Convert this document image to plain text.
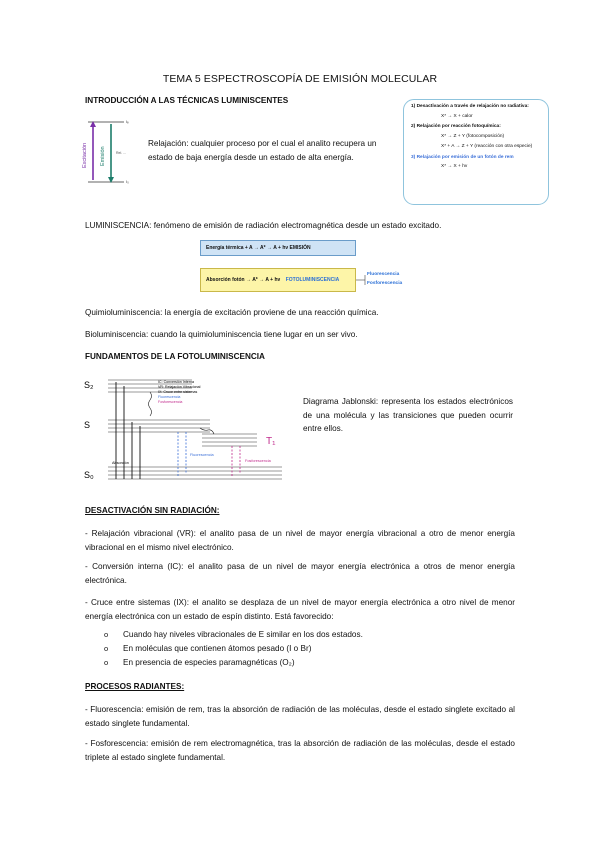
TEMA 5 ESPECTROSCOPÍA DE EMISIÓN MOLECULAR
INTRODUCCIÓN A LAS TÉCNICAS LUMINISCENTES
Excitación Emisión
Iₑ
I₀
Rel. ...
Relajación: cualquier proceso por el cual el analito recupera un estado de baja energía desde un estado de alta energía.
1) Desactivación a través de relajación no radiativa:
X* → X + calor
2) Relajación por reacción fotoquímica:
X* → Z + Y (fotocomposición)
X* + A → Z + Y (reacción con otra especie)
3) Relajación por emisión de un fotón de rem
X* → X + hv
LUMINISCENCIA: fenómeno de emisión de radiación electromagnética desde un estado excitado.
Energía térmica + A → A* → A + hν EMISIÓN
Absorción fotón → A* → A + hν FOTOLUMINISCENCIA
Fluorescencia
Fosforescencia
Quimioluminiscencia: la energía de excitación proviene de una reacción química.
Bioluminiscencia: cuando la quimioluminiscencia tiene lugar en un ser vivo.
FUNDAMENTOS DE LA FOTOLUMINISCENCIA
S₂
S
S₀
T₁
IC: Conversión Interna
VR: Relajación Vibracional
IX: Cruce entre sistemas
Fluorescencia
Fosforescencia
Fluorescencia
Fosforescencia
Absorción
Diagrama Jablonski: representa los estados electrónicos de una molécula y las transiciones que pueden ocurrir entre ellos.
DESACTIVACIÓN SIN RADIACIÓN:
- Relajación vibracional (VR): el analito pasa de un nivel de mayor energía vibracional a otro de menor energía vibracional en el mismo nivel electrónico.
- Conversión interna (IC): el analito pasa de un nivel de mayor energía electrónica a otros de menor energía electrónica.
- Cruce entre sistemas (IX): el analito se desplaza de un nivel de mayor energía electrónica a otro nivel de menor energía electrónica con un estado de espín distinto. Está favorecido:
o Cuando hay niveles vibracionales de E similar en los dos estados.
o En moléculas que contienen átomos pesado (I o Br)
o En presencia de especies paramagnéticas (O₂)
PROCESOS RADIANTES:
- Fluorescencia: emisión de rem, tras la absorción de radiación de las moléculas, desde el estado singlete excitado al estado singlete fundamental.
- Fosforescencia: emisión de rem electromagnética, tras la absorción de radiación de las moléculas, desde el estado triplete al estado singlete fundamental.
